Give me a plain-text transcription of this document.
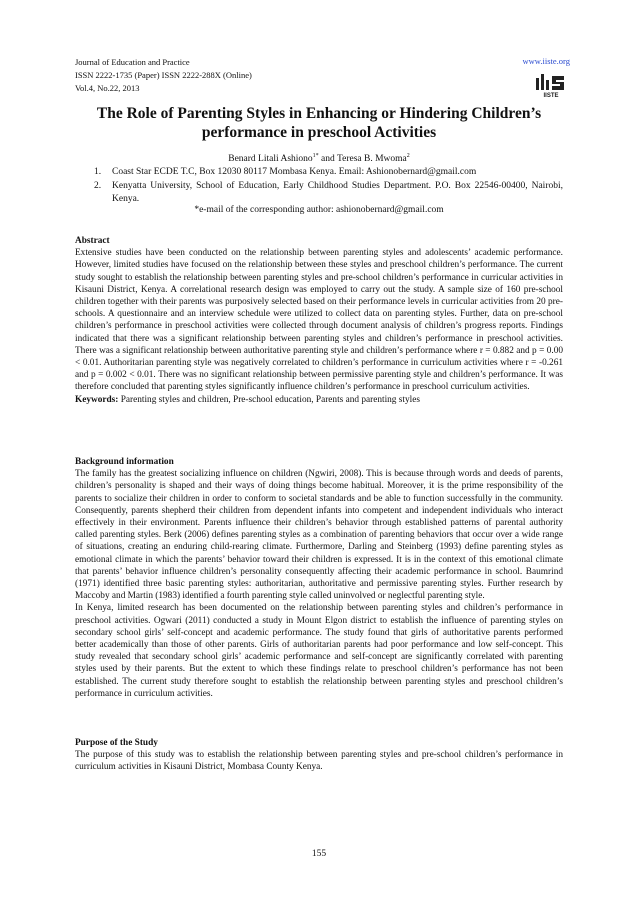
Journal of Education and Practice
ISSN 2222-1735 (Paper) ISSN 2222-288X (Online)
Vol.4, No.22, 2013
www.iiste.org
IISTE
The Role of Parenting Styles in Enhancing or Hindering Children’s performance in preschool Activities
Benard Litali Ashiono$^{1*}$ and Teresa B. Mwoma$^2$
1. Coast Star ECDE T.C, Box 12030 80117 Mombasa Kenya. Email: Ashionobernard@gmail.com
2. Kenyatta University, School of Education, Early Childhood Studies Department. P.O. Box 22546-00400, Nairobi, Kenya.
*e-mail of the corresponding author: ashionobernard@gmail.com
Abstract

Extensive studies have been conducted on the relationship between parenting styles and adolescents’ academic performance. However, limited studies have focused on the relationship between these styles and preschool children’s performance. The current study sought to establish the relationship between parenting styles and pre-school children’s performance in curricular activities in Kisauni District, Kenya. A correlational research design was employed to carry out the study. A sample size of 160 pre-school children together with their parents was purposively selected based on their performance levels in curricular activities from 20 pre-schools. A questionnaire and an interview schedule were utilized to collect data on parenting styles. Further, data on pre-school children’s performance in preschool activities were collected through document analysis of children’s progress reports. Findings indicated that there was a significant relationship between parenting styles and children’s performance in preschool activities. There was a significant relationship between authoritative parenting style and children’s performance where r = 0.882 and p = 0.00 < 0.01. Authoritarian parenting style was negatively correlated to children’s performance in curriculum activities where r = -0.261 and p = 0.002 < 0.01. There was no significant relationship between permissive parenting style and children’s performance. It was therefore concluded that parenting styles significantly influence children’s performance in preschool curriculum activities.

Keywords: Parenting styles and children, Pre-school education, Parents and parenting styles

Background information

The family has the greatest socializing influence on children (Ngwiri, 2008). This is because through words and deeds of parents, children’s personality is shaped and their ways of doing things become habitual. Moreover, it is the prime responsibility of the parents to socialize their children in order to conform to societal standards and be able to function successfully in the community. Consequently, parents shepherd their children from dependent infants into competent and independent individuals who interact effectively in their environment. Parents influence their children’s behavior through established patterns of parental authority called parenting styles. Berk (2006) defines parenting styles as a combination of parenting behaviors that occur over a wide range of situations, creating an enduring child-rearing climate. Furthermore, Darling and Steinberg (1993) define parenting styles as emotional climate in which the parents’ behavior toward their children is expressed. It is in the context of this emotional climate that parents’ behavior influence children’s personality consequently affecting their academic performance in school. Baumrind (1971) identified three basic parenting styles: authoritarian, authoritative and permissive parenting styles. Further research by Maccoby and Martin (1983) identified a fourth parenting style called uninvolved or neglectful parenting style.

In Kenya, limited research has been documented on the relationship between parenting styles and children’s performance in preschool activities. Ogwari (2011) conducted a study in Mount Elgon district to establish the influence of parenting styles on secondary school girls’ self-concept and academic performance. The study found that girls of authoritative parents performed better academically than those of other parents. Girls of authoritarian parents had poor performance and low self-concept. This study revealed that secondary school girls’ academic performance and self-concept are significantly correlated with parenting styles used by their parents. But the extent to which these findings relate to preschool children’s performance has not been established. The current study therefore sought to establish the relationship between parenting styles and preschool children’s performance in curriculum activities.

Purpose of the Study

The purpose of this study was to establish the relationship between parenting styles and pre-school children’s performance in curriculum activities in Kisauni District, Mombasa County Kenya.

155
